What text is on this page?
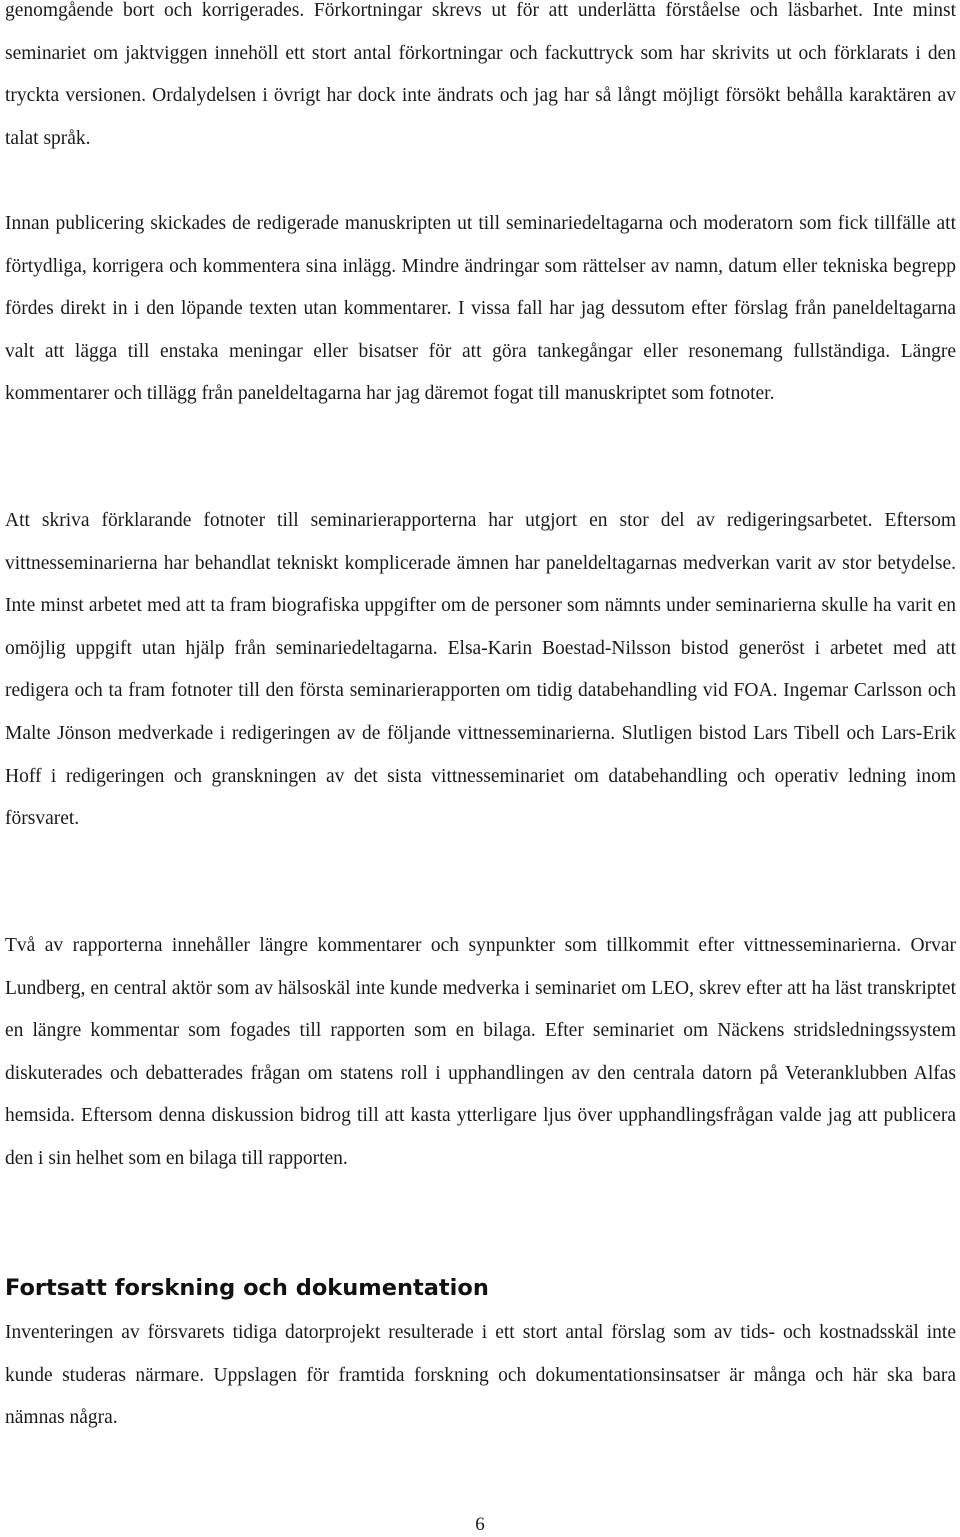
genomgående bort och korrigerades. Förkortningar skrevs ut för att underlätta förståelse och läsbarhet. Inte minst seminariet om jaktviggen innehöll ett stort antal förkortningar och fackuttryck som har skrivits ut och förklarats i den tryckta versionen. Ordalydelsen i övrigt har dock inte ändrats och jag har så långt möjligt försökt behålla karaktären av talat språk.

Innan publicering skickades de redigerade manuskripten ut till seminariedeltagarna och moderatorn som fick tillfälle att förtydliga, korrigera och kommentera sina inlägg. Mindre ändringar som rättelser av namn, datum eller tekniska begrepp fördes direkt in i den löpande texten utan kommentarer. I vissa fall har jag dessutom efter förslag från paneldeltagarna valt att lägga till enstaka meningar eller bisatser för att göra tankegångar eller resonemang fullständiga. Längre kommentarer och tillägg från paneldeltagarna har jag däremot fogat till manuskriptet som fotnoter.

Att skriva förklarande fotnoter till seminarierapporterna har utgjort en stor del av redigeringsarbetet. Eftersom vittnesseminarierna har behandlat tekniskt komplicerade ämnen har paneldeltagarnas medverkan varit av stor betydelse. Inte minst arbetet med att ta fram biografiska uppgifter om de personer som nämnts under seminarierna skulle ha varit en omöjlig uppgift utan hjälp från seminariedeltagarna. Elsa-Karin Boestad-Nilsson bistod generöst i arbetet med att redigera och ta fram fotnoter till den första seminarierapporten om tidig databehandling vid FOA. Ingemar Carlsson och Malte Jönson medverkade i redigeringen av de följande vittnesseminarierna. Slutligen bistod Lars Tibell och Lars-Erik Hoff i redigeringen och granskningen av det sista vittnesseminariet om databehandling och operativ ledning inom försvaret.

Två av rapporterna innehåller längre kommentarer och synpunkter som tillkommit efter vittnesseminarierna. Orvar Lundberg, en central aktör som av hälsoskäl inte kunde medverka i seminariet om LEO, skrev efter att ha läst transkriptet en längre kommentar som fogades till rapporten som en bilaga. Efter seminariet om Näckens stridsledningssystem diskuterades och debatterades frågan om statens roll i upphandlingen av den centrala datorn på Veteranklubben Alfas hemsida. Eftersom denna diskussion bidrog till att kasta ytterligare ljus över upphandlingsfrågan valde jag att publicera den i sin helhet som en bilaga till rapporten.

Fortsatt forskning och dokumentation

Inventeringen av försvarets tidiga datorprojekt resulterade i ett stort antal förslag som av tids- och kostnadsskäl inte kunde studeras närmare. Uppslagen för framtida forskning och dokumentationsinsatser är många och här ska bara nämnas några.

6
